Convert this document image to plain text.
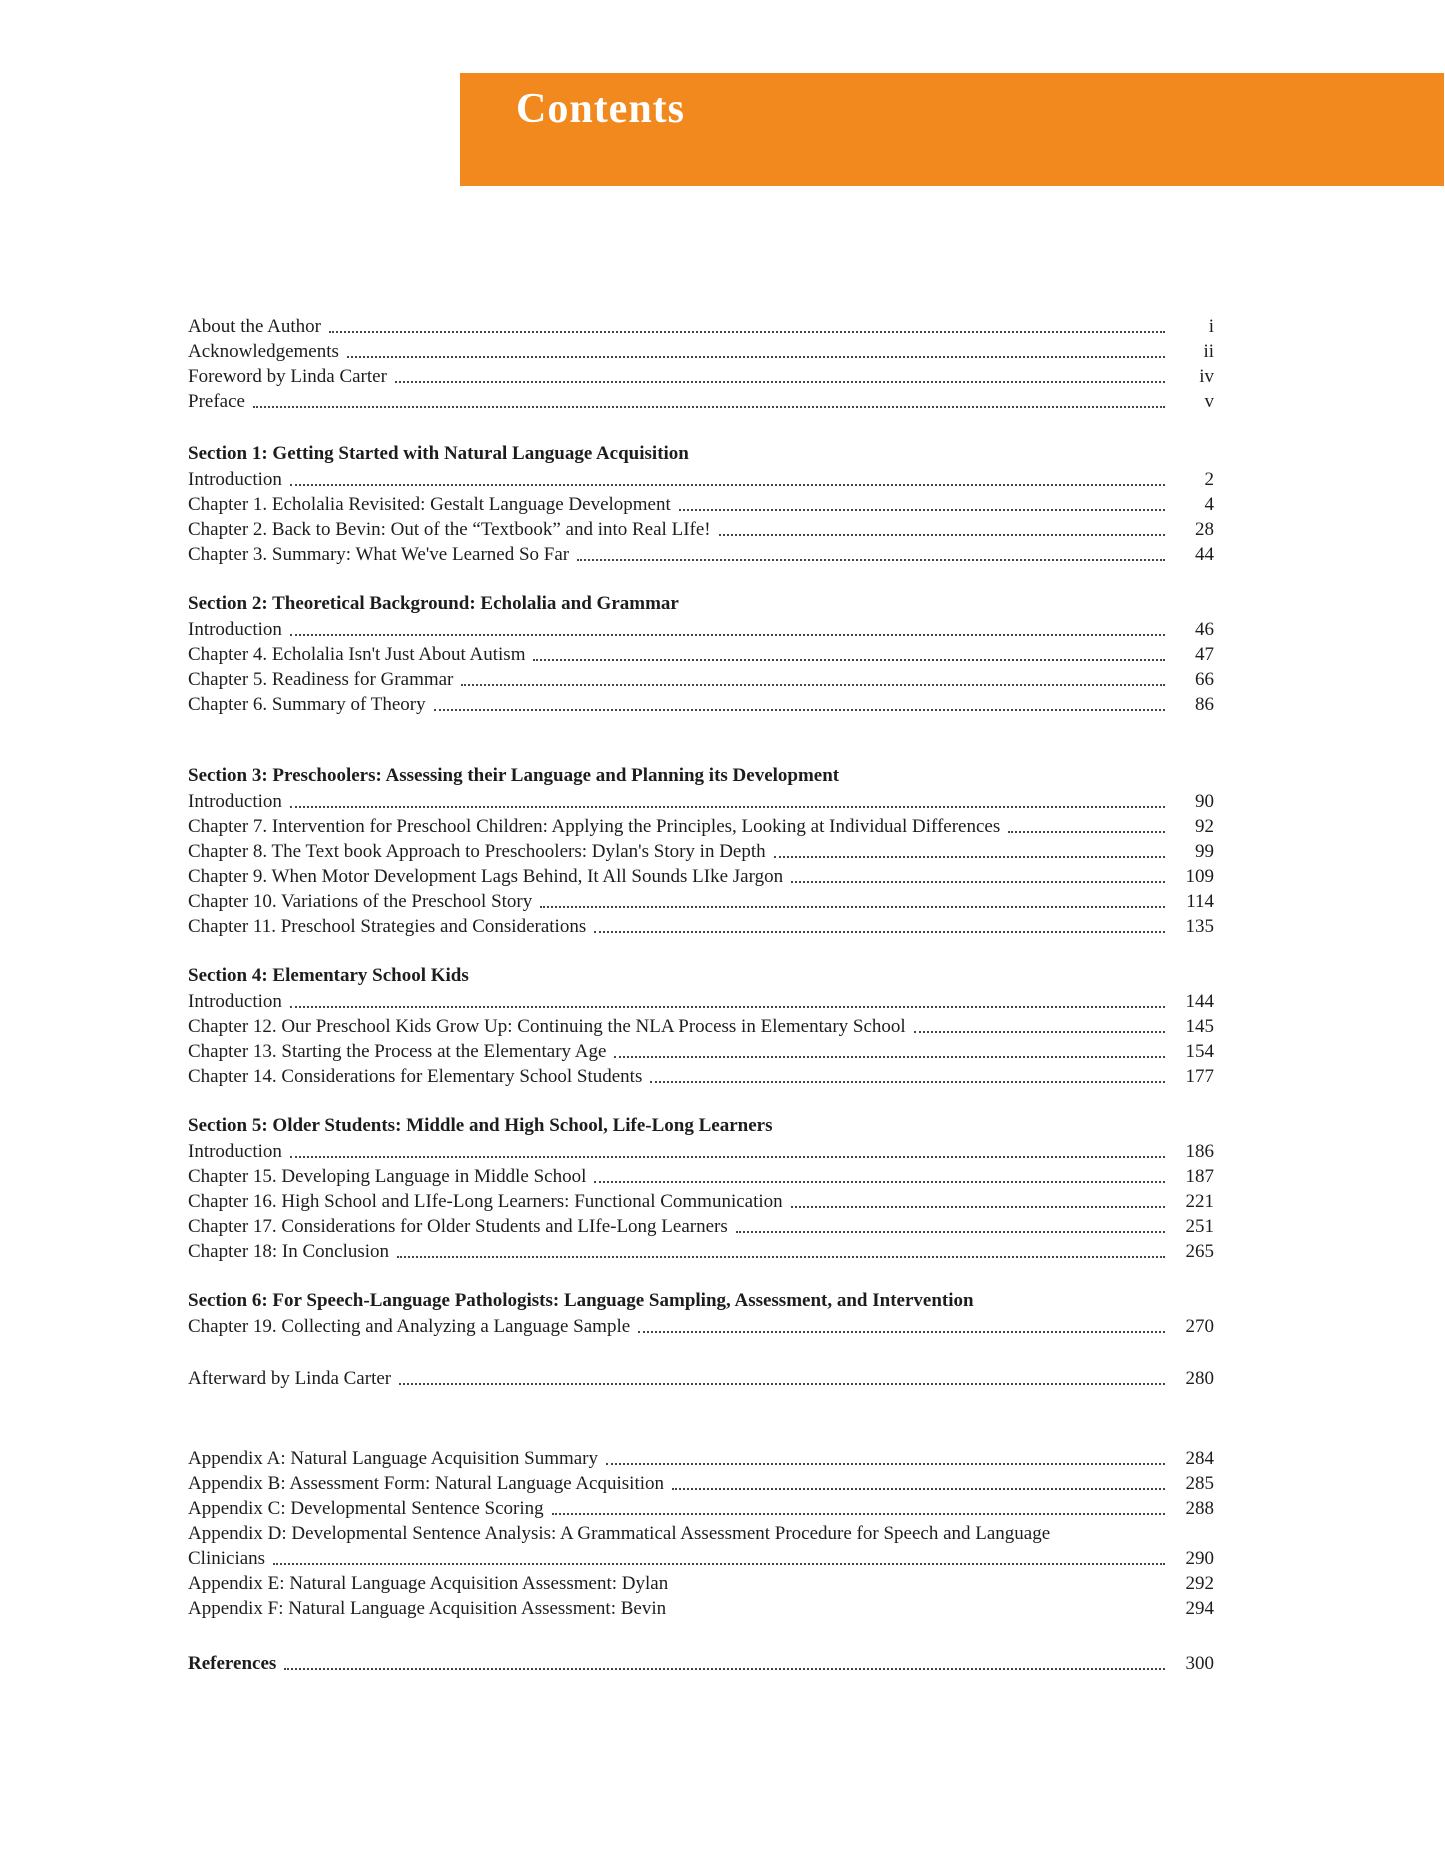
Contents
About the Author	i
Acknowledgements	ii
Foreword by Linda Carter	iv
Preface	v
Section 1: Getting Started with Natural Language Acquisition
Introduction	2
Chapter 1. Echolalia Revisited: Gestalt Language Development	4
Chapter 2. Back to Bevin: Out of the “Textbook” and into Real LIfe!	28
Chapter 3. Summary: What We've Learned So Far	44
Section 2: Theoretical Background: Echolalia and Grammar
Introduction	46
Chapter 4. Echolalia Isn't Just About Autism	47
Chapter 5. Readiness for Grammar	66
Chapter 6. Summary of Theory	86
Section 3: Preschoolers: Assessing their Language and Planning its Development
Introduction	90
Chapter 7. Intervention for Preschool Children: Applying the Principles, Looking at Individual Differences	92
Chapter 8. The Text book Approach to Preschoolers: Dylan's Story in Depth	99
Chapter 9. When Motor Development Lags Behind, It All Sounds LIke Jargon	109
Chapter 10. Variations of the Preschool Story	114
Chapter 11. Preschool Strategies and Considerations	135
Section 4: Elementary School Kids
Introduction	144
Chapter 12. Our Preschool Kids Grow Up: Continuing the NLA Process in Elementary School	145
Chapter 13. Starting the Process at the Elementary Age	154
Chapter 14. Considerations for Elementary School Students	177
Section 5: Older Students: Middle and High School, Life-Long Learners
Introduction	186
Chapter 15. Developing Language in Middle School	187
Chapter 16. High School and LIfe-Long Learners: Functional Communication	221
Chapter 17. Considerations for Older Students and LIfe-Long Learners	251
Chapter 18: In Conclusion	265
Section 6: For Speech-Language Pathologists: Language Sampling, Assessment, and Intervention
Chapter 19. Collecting and Analyzing a Language Sample	270
Afterward by Linda Carter	280
Appendix A: Natural Language Acquisition Summary	284
Appendix B: Assessment Form: Natural Language Acquisition	285
Appendix C: Developmental Sentence Scoring	288
Appendix D: Developmental Sentence Analysis: A Grammatical Assessment Procedure for Speech and Language
Clinicians	290
Appendix E: Natural Language Acquisition Assessment: Dylan	292
Appendix F: Natural Language Acquisition Assessment: Bevin	294
References	300
